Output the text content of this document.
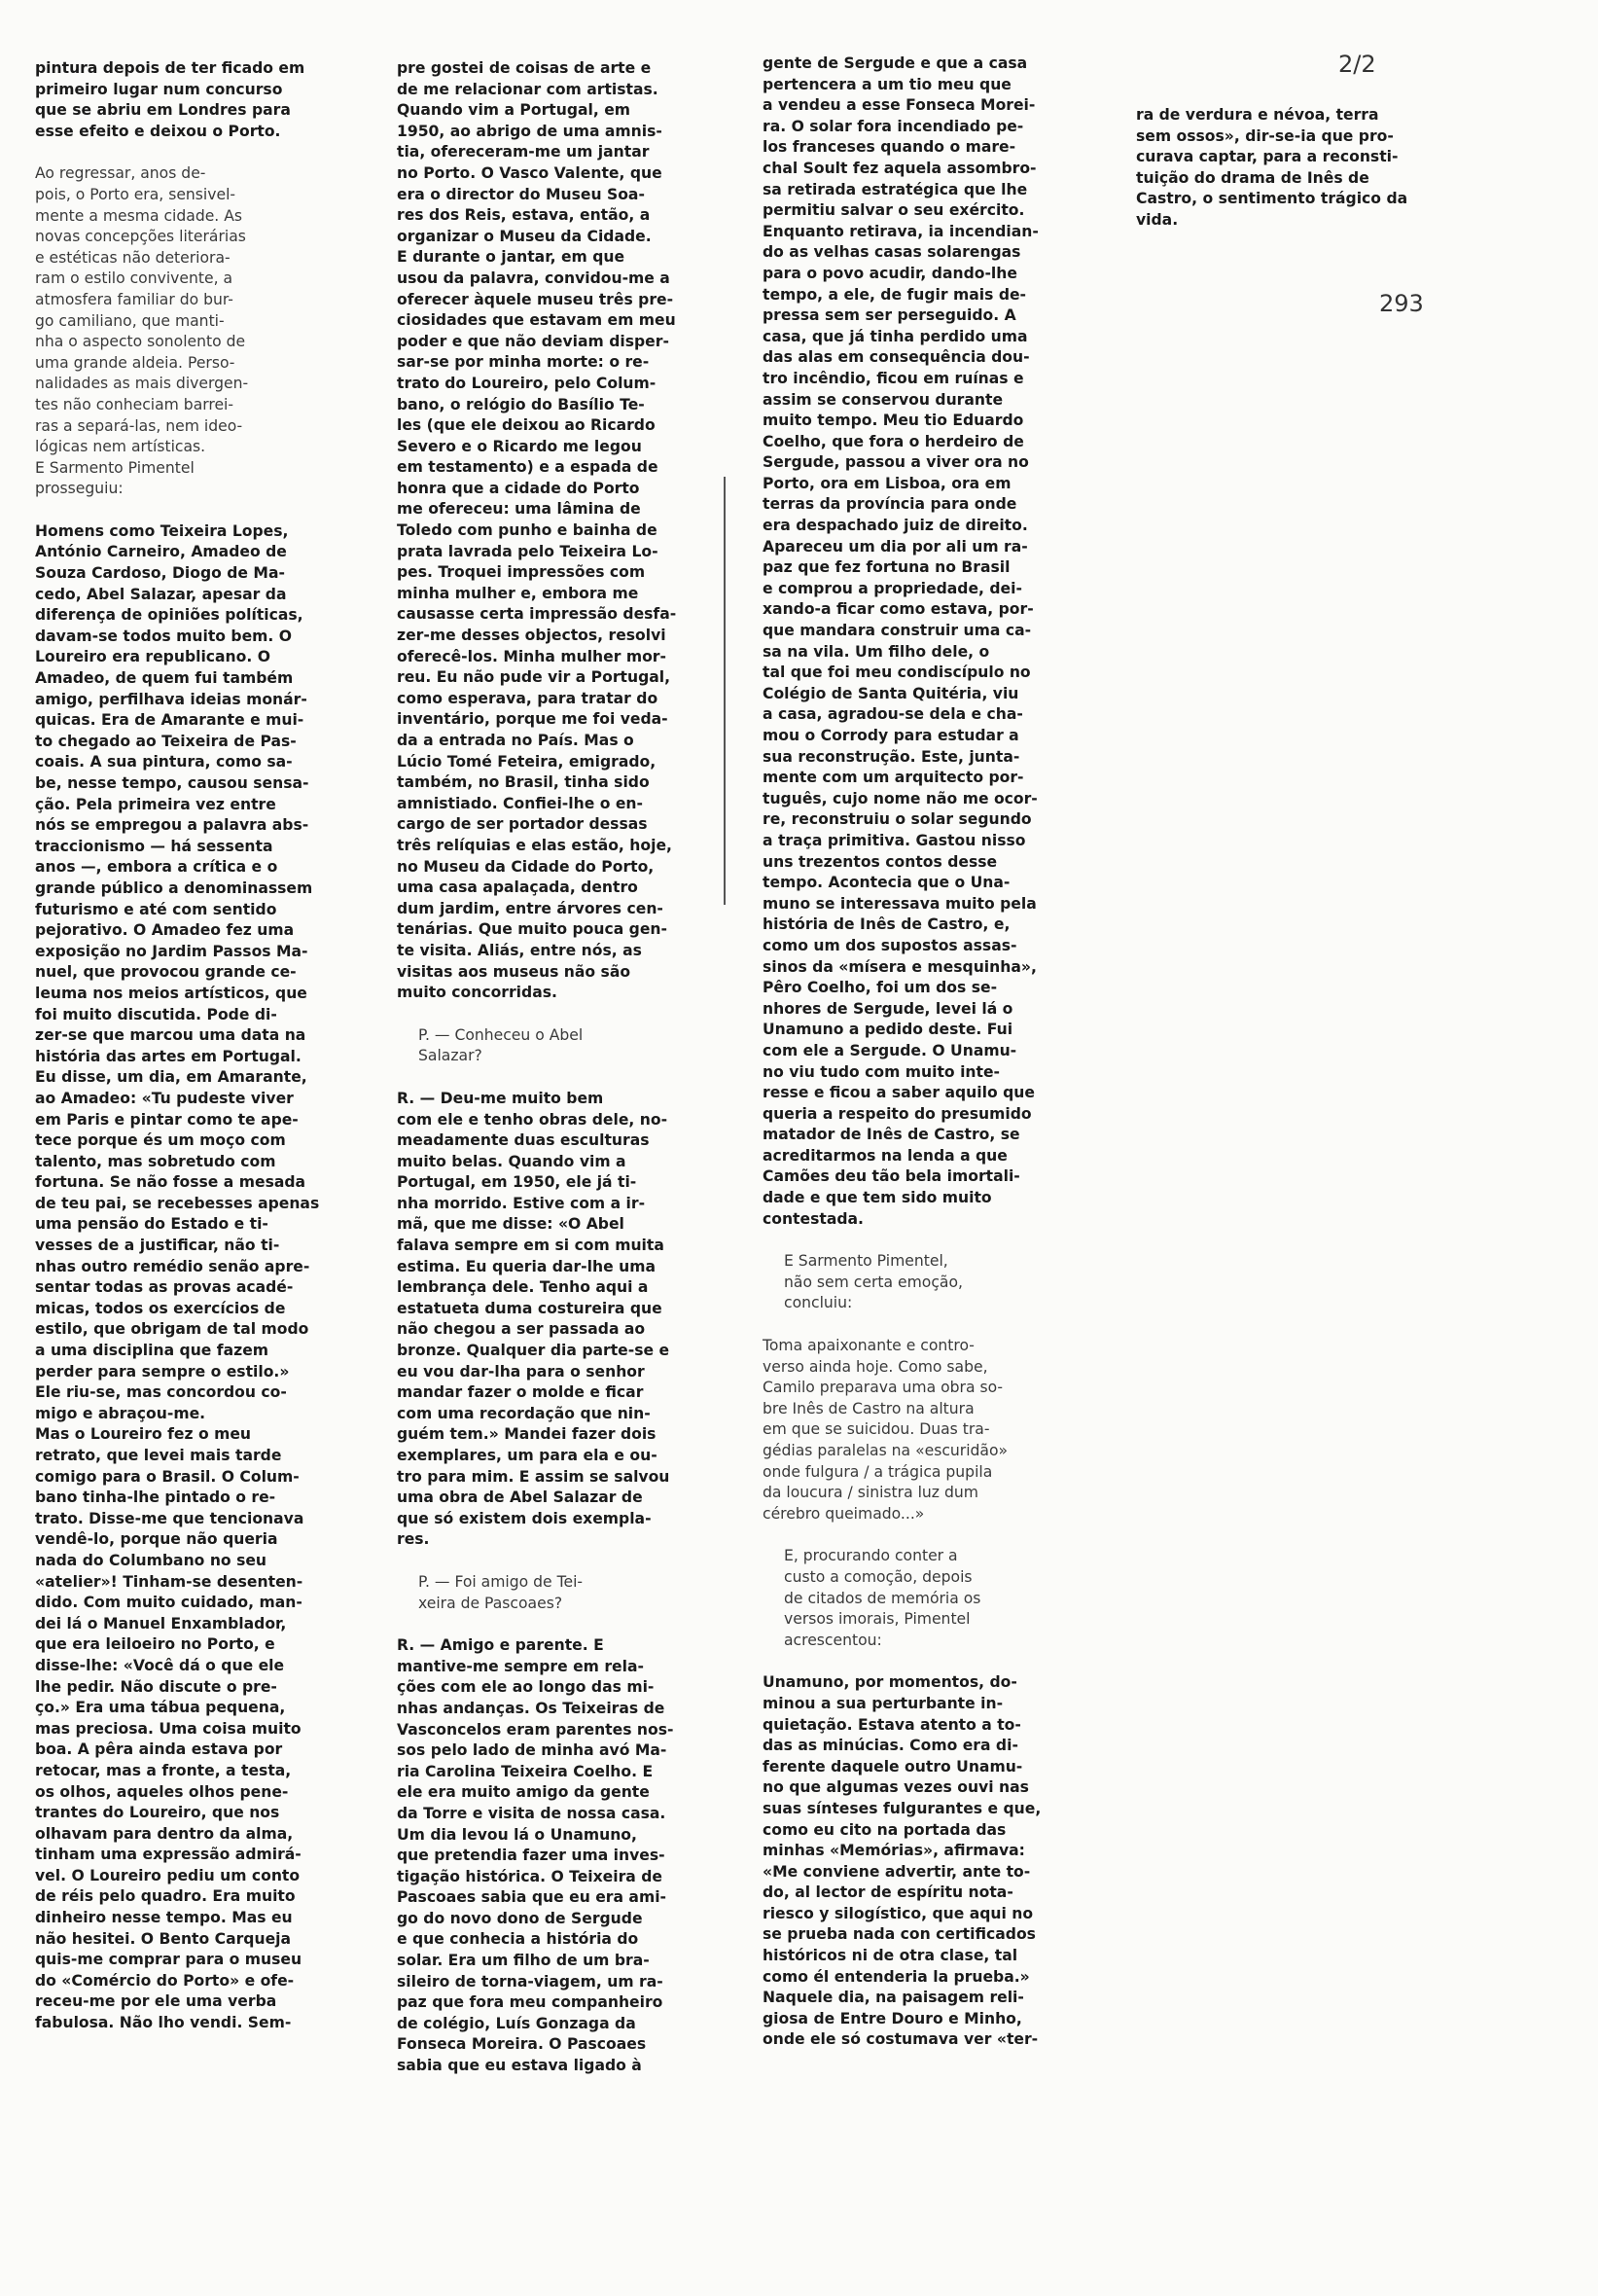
2/2
293

pintura depois de ter ficado em
primeiro lugar num concurso
que se abriu em Londres para
esse efeito e deixou o Porto.

Ao regressar, anos de-
pois, o Porto era, sensivel-
mente a mesma cidade. As
novas concepções literárias
e estéticas não deteriora-
ram o estilo convivente, a
atmosfera familiar do bur-
go camiliano, que manti-
nha o aspecto sonolento de
uma grande aldeia. Perso-
nalidades as mais divergen-
tes não conheciam barrei-
ras a separá-las, nem ideo-
lógicas nem artísticas.
E Sarmento Pimentel
prosseguiu:

Homens como Teixeira Lopes,
António Carneiro, Amadeo de
Souza Cardoso, Diogo de Ma-
cedo, Abel Salazar, apesar da
diferença de opiniões políticas,
davam-se todos muito bem. O
Loureiro era republicano. O
Amadeo, de quem fui também
amigo, perfilhava ideias monár-
quicas. Era de Amarante e mui-
to chegado ao Teixeira de Pas-
coais. A sua pintura, como sa-
be, nesse tempo, causou sensa-
ção. Pela primeira vez entre
nós se empregou a palavra abs-
traccionismo — há sessenta
anos —, embora a crítica e o
grande público a denominassem
futurismo e até com sentido
pejorativo. O Amadeo fez uma
exposição no Jardim Passos Ma-
nuel, que provocou grande ce-
leuma nos meios artísticos, que
foi muito discutida. Pode di-
zer-se que marcou uma data na
história das artes em Portugal.
Eu disse, um dia, em Amarante,
ao Amadeo: «Tu pudeste viver
em Paris e pintar como te ape-
tece porque és um moço com
talento, mas sobretudo com
fortuna. Se não fosse a mesada
de teu pai, se recebesses apenas
uma pensão do Estado e ti-
vesses de a justificar, não ti-
nhas outro remédio senão apre-
sentar todas as provas acadé-
micas, todos os exercícios de
estilo, que obrigam de tal modo
a uma disciplina que fazem
perder para sempre o estilo.»
Ele riu-se, mas concordou co-
migo e abraçou-me.
Mas o Loureiro fez o meu
retrato, que levei mais tarde
comigo para o Brasil. O Colum-
bano tinha-lhe pintado o re-
trato. Disse-me que tencionava
vendê-lo, porque não queria
nada do Columbano no seu
«atelier»! Tinham-se desenten-
dido. Com muito cuidado, man-
dei lá o Manuel Enxamblador,
que era leiloeiro no Porto, e
disse-lhe: «Você dá o que ele
lhe pedir. Não discute o pre-
ço.» Era uma tábua pequena,
mas preciosa. Uma coisa muito
boa. A pêra ainda estava por
retocar, mas a fronte, a testa,
os olhos, aqueles olhos pene-
trantes do Loureiro, que nos
olhavam para dentro da alma,
tinham uma expressão admirá-
vel. O Loureiro pediu um conto
de réis pelo quadro. Era muito
dinheiro nesse tempo. Mas eu
não hesitei. O Bento Carqueja
quis-me comprar para o museu
do «Comércio do Porto» e ofe-
receu-me por ele uma verba
fabulosa. Não lho vendi. Sem-

pre gostei de coisas de arte e
de me relacionar com artistas.
Quando vim a Portugal, em
1950, ao abrigo de uma amnis-
tia, ofereceram-me um jantar
no Porto. O Vasco Valente, que
era o director do Museu Soa-
res dos Reis, estava, então, a
organizar o Museu da Cidade.
E durante o jantar, em que
usou da palavra, convidou-me a
oferecer àquele museu três pre-
ciosidades que estavam em meu
poder e que não deviam disper-
sar-se por minha morte: o re-
trato do Loureiro, pelo Colum-
bano, o relógio do Basílio Te-
les (que ele deixou ao Ricardo
Severo e o Ricardo me legou
em testamento) e a espada de
honra que a cidade do Porto
me ofereceu: uma lâmina de
Toledo com punho e bainha de
prata lavrada pelo Teixeira Lo-
pes. Troquei impressões com
minha mulher e, embora me
causasse certa impressão desfa-
zer-me desses objectos, resolvi
oferecê-los. Minha mulher mor-
reu. Eu não pude vir a Portugal,
como esperava, para tratar do
inventário, porque me foi veda-
da a entrada no País. Mas o
Lúcio Tomé Feteira, emigrado,
também, no Brasil, tinha sido
amnistiado. Confiei-lhe o en-
cargo de ser portador dessas
três relíquias e elas estão, hoje,
no Museu da Cidade do Porto,
uma casa apalaçada, dentro
dum jardim, entre árvores cen-
tenárias. Que muito pouca gen-
te visita. Aliás, entre nós, as
visitas aos museus não são
muito concorridas.

P. — Conheceu o Abel
Salazar?

R. — Deu-me muito bem
com ele e tenho obras dele, no-
meadamente duas esculturas
muito belas. Quando vim a
Portugal, em 1950, ele já ti-
nha morrido. Estive com a ir-
mã, que me disse: «O Abel
falava sempre em si com muita
estima. Eu queria dar-lhe uma
lembrança dele. Tenho aqui a
estatueta duma costureira que
não chegou a ser passada ao
bronze. Qualquer dia parte-se e
eu vou dar-lha para o senhor
mandar fazer o molde e ficar
com uma recordação que nin-
guém tem.» Mandei fazer dois
exemplares, um para ela e ou-
tro para mim. E assim se salvou
uma obra de Abel Salazar de
que só existem dois exempla-
res.

P. — Foi amigo de Tei-
xeira de Pascoaes?

R. — Amigo e parente. E
mantive-me sempre em rela-
ções com ele ao longo das mi-
nhas andanças. Os Teixeiras de
Vasconcelos eram parentes nos-
sos pelo lado de minha avó Ma-
ria Carolina Teixeira Coelho. E
ele era muito amigo da gente
da Torre e visita de nossa casa.
Um dia levou lá o Unamuno,
que pretendia fazer uma inves-
tigação histórica. O Teixeira de
Pascoaes sabia que eu era ami-
go do novo dono de Sergude
e que conhecia a história do
solar. Era um filho de um bra-
sileiro de torna-viagem, um ra-
paz que fora meu companheiro
de colégio, Luís Gonzaga da
Fonseca Moreira. O Pascoaes
sabia que eu estava ligado à

gente de Sergude e que a casa
pertencera a um tio meu que
a vendeu a esse Fonseca Morei-
ra. O solar fora incendiado pe-
los franceses quando o mare-
chal Soult fez aquela assombro-
sa retirada estratégica que lhe
permitiu salvar o seu exército.
Enquanto retirava, ia incendian-
do as velhas casas solarengas
para o povo acudir, dando-lhe
tempo, a ele, de fugir mais de-
pressa sem ser perseguido. A
casa, que já tinha perdido uma
das alas em consequência dou-
tro incêndio, ficou em ruínas e
assim se conservou durante
muito tempo. Meu tio Eduardo
Coelho, que fora o herdeiro de
Sergude, passou a viver ora no
Porto, ora em Lisboa, ora em
terras da província para onde
era despachado juiz de direito.
Apareceu um dia por ali um ra-
paz que fez fortuna no Brasil
e comprou a propriedade, dei-
xando-a ficar como estava, por-
que mandara construir uma ca-
sa na vila. Um filho dele, o
tal que foi meu condiscípulo no
Colégio de Santa Quitéria, viu
a casa, agradou-se dela e cha-
mou o Corrody para estudar a
sua reconstrução. Este, junta-
mente com um arquitecto por-
tuguês, cujo nome não me ocor-
re, reconstruiu o solar segundo
a traça primitiva. Gastou nisso
uns trezentos contos desse
tempo. Acontecia que o Una-
muno se interessava muito pela
história de Inês de Castro, e,
como um dos supostos assas-
sinos da «mísera e mesquinha»,
Pêro Coelho, foi um dos se-
nhores de Sergude, levei lá o
Unamuno a pedido deste. Fui
com ele a Sergude. O Unamu-
no viu tudo com muito inte-
resse e ficou a saber aquilo que
queria a respeito do presumido
matador de Inês de Castro, se
acreditarmos na lenda a que
Camões deu tão bela imortali-
dade e que tem sido muito
contestada.

E Sarmento Pimentel,
não sem certa emoção,
concluiu:

Toma apaixonante e contro-
verso ainda hoje. Como sabe,
Camilo preparava uma obra so-
bre Inês de Castro na altura
em que se suicidou. Duas tra-
gédias paralelas na «escuridão»
onde fulgura / a trágica pupila
da loucura / sinistra luz dum
cérebro queimado...»

E, procurando conter a
custo a comoção, depois
de citados de memória os
versos imorais, Pimentel
acrescentou:

Unamuno, por momentos, do-
minou a sua perturbante in-
quietação. Estava atento a to-
das as minúcias. Como era di-
ferente daquele outro Unamu-
no que algumas vezes ouvi nas
suas sínteses fulgurantes e que,
como eu cito na portada das
minhas «Memórias», afirmava:
«Me conviene advertir, ante to-
do, al lector de espíritu nota-
riesco y silogístico, que aqui no
se prueba nada con certificados
históricos ni de otra clase, tal
como él entenderia la prueba.»
Naquele dia, na paisagem reli-
giosa de Entre Douro e Minho,
onde ele só costumava ver «ter-

ra de verdura e névoa, terra
sem ossos», dir-se-ia que pro-
curava captar, para a reconsti-
tuição do drama de Inês de
Castro, o sentimento trágico da
vida.
